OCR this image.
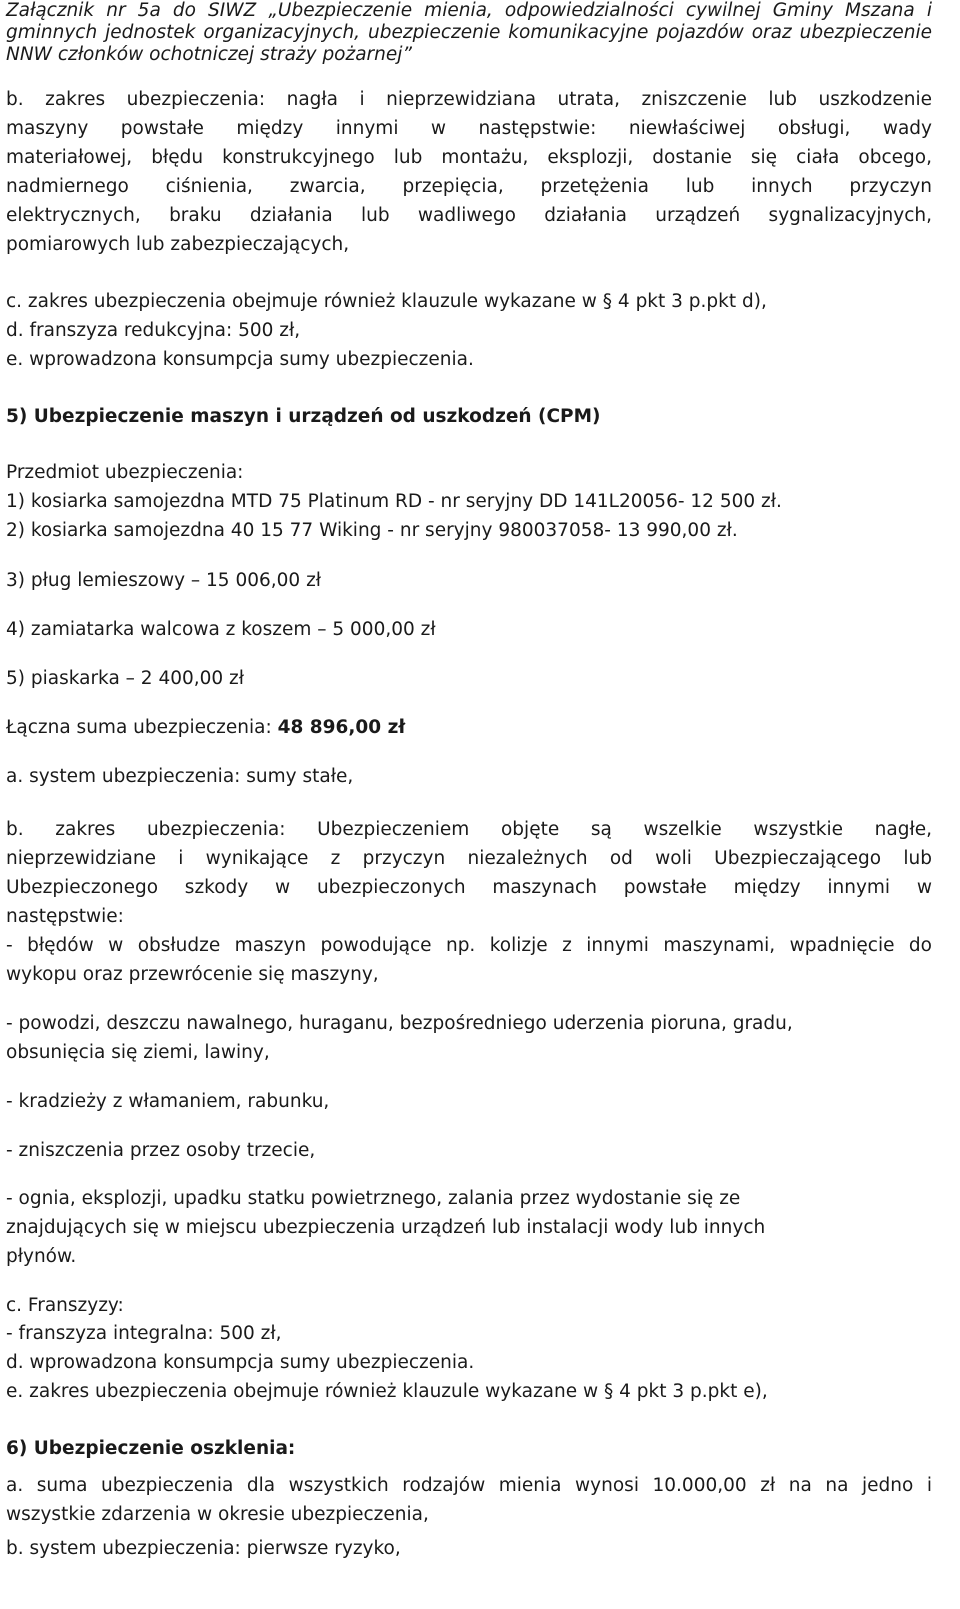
Załącznik nr 5a do SIWZ „Ubezpieczenie mienia, odpowiedzialności cywilnej Gminy Mszana i
gminnych jednostek organizacyjnych, ubezpieczenie komunikacyjne pojazdów oraz ubezpieczenie
NNW członków ochotniczej straży pożarnej”
b. zakres ubezpieczenia: nagła i nieprzewidziana utrata, zniszczenie lub uszkodzenie
maszyny powstałe między innymi w następstwie: niewłaściwej obsługi, wady
materiałowej, błędu konstrukcyjnego lub montażu, eksplozji, dostanie się ciała obcego,
nadmiernego ciśnienia, zwarcia, przepięcia, przetężenia lub innych przyczyn
elektrycznych, braku działania lub wadliwego działania urządzeń sygnalizacyjnych,
pomiarowych lub zabezpieczających,
c. zakres ubezpieczenia obejmuje również klauzule wykazane w § 4 pkt 3 p.pkt d),
d. franszyza redukcyjna: 500 zł,
e. wprowadzona konsumpcja sumy ubezpieczenia.
5) Ubezpieczenie maszyn i urządzeń od uszkodzeń (CPM)
Przedmiot ubezpieczenia:
1) kosiarka samojezdna MTD 75 Platinum RD - nr seryjny DD 141L20056- 12 500 zł.
2) kosiarka samojezdna 40 15 77 Wiking - nr seryjny 980037058- 13 990,00 zł.
3) pług lemieszowy – 15 006,00 zł
4) zamiatarka walcowa z koszem – 5 000,00 zł
5) piaskarka – 2 400,00 zł
Łączna suma ubezpieczenia: 48 896,00 zł
a. system ubezpieczenia: sumy stałe,
b. zakres ubezpieczenia: Ubezpieczeniem objęte są wszelkie wszystkie nagłe,
nieprzewidziane i wynikające z przyczyn niezależnych od woli Ubezpieczającego lub
Ubezpieczonego szkody w ubezpieczonych maszynach powstałe między innymi w
następstwie:
- błędów w obsłudze maszyn powodujące np. kolizje z innymi maszynami, wpadnięcie do
wykopu oraz przewrócenie się maszyny,
- powodzi, deszczu nawalnego, huraganu, bezpośredniego uderzenia pioruna, gradu,
obsunięcia się ziemi, lawiny,
- kradzieży z włamaniem, rabunku,
- zniszczenia przez osoby trzecie,
- ognia, eksplozji, upadku statku powietrznego, zalania przez wydostanie się ze
znajdujących się w miejscu ubezpieczenia urządzeń lub instalacji wody lub innych
płynów.
c. Franszyzy:
- franszyza integralna: 500 zł,
d. wprowadzona konsumpcja sumy ubezpieczenia.
e. zakres ubezpieczenia obejmuje również klauzule wykazane w § 4 pkt 3 p.pkt e),
6) Ubezpieczenie oszklenia:
a. suma ubezpieczenia dla wszystkich rodzajów mienia wynosi 10.000,00 zł na na jedno i
wszystkie zdarzenia w okresie ubezpieczenia,
b. system ubezpieczenia: pierwsze ryzyko,
